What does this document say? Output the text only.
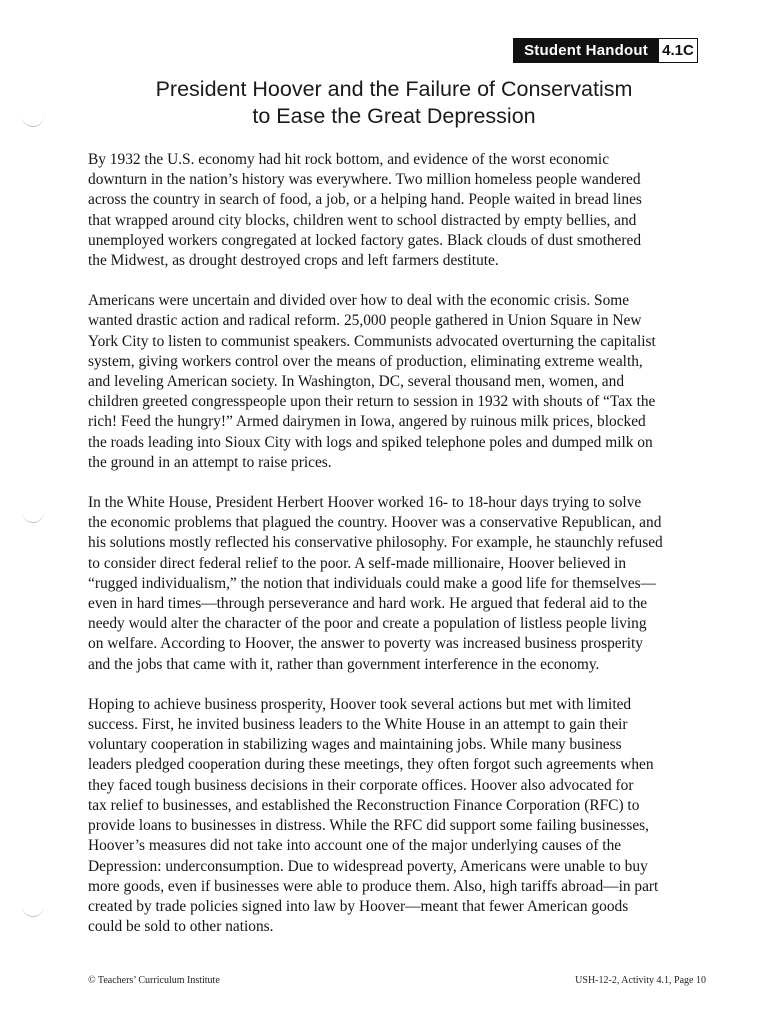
Student Handout 4.1C
President Hoover and the Failure of Conservatism
to Ease the Great Depression
By 1932 the U.S. economy had hit rock bottom, and evidence of the worst economic
downturn in the nation’s history was everywhere. Two million homeless people wandered
across the country in search of food, a job, or a helping hand. People waited in bread lines
that wrapped around city blocks, children went to school distracted by empty bellies, and
unemployed workers congregated at locked factory gates. Black clouds of dust smothered
the Midwest, as drought destroyed crops and left farmers destitute.
Americans were uncertain and divided over how to deal with the economic crisis. Some
wanted drastic action and radical reform. 25,000 people gathered in Union Square in New
York City to listen to communist speakers. Communists advocated overturning the capitalist
system, giving workers control over the means of production, eliminating extreme wealth,
and leveling American society. In Washington, DC, several thousand men, women, and
children greeted congresspeople upon their return to session in 1932 with shouts of “Tax the
rich! Feed the hungry!” Armed dairymen in Iowa, angered by ruinous milk prices, blocked
the roads leading into Sioux City with logs and spiked telephone poles and dumped milk on
the ground in an attempt to raise prices.
In the White House, President Herbert Hoover worked 16- to 18-hour days trying to solve
the economic problems that plagued the country. Hoover was a conservative Republican, and
his solutions mostly reflected his conservative philosophy. For example, he staunchly refused
to consider direct federal relief to the poor. A self-made millionaire, Hoover believed in
“rugged individualism,” the notion that individuals could make a good life for themselves—
even in hard times—through perseverance and hard work. He argued that federal aid to the
needy would alter the character of the poor and create a population of listless people living
on welfare. According to Hoover, the answer to poverty was increased business prosperity
and the jobs that came with it, rather than government interference in the economy.
Hoping to achieve business prosperity, Hoover took several actions but met with limited
success. First, he invited business leaders to the White House in an attempt to gain their
voluntary cooperation in stabilizing wages and maintaining jobs. While many business
leaders pledged cooperation during these meetings, they often forgot such agreements when
they faced tough business decisions in their corporate offices. Hoover also advocated for
tax relief to businesses, and established the Reconstruction Finance Corporation (RFC) to
provide loans to businesses in distress. While the RFC did support some failing businesses,
Hoover’s measures did not take into account one of the major underlying causes of the
Depression: underconsumption. Due to widespread poverty, Americans were unable to buy
more goods, even if businesses were able to produce them. Also, high tariffs abroad—in part
created by trade policies signed into law by Hoover—meant that fewer American goods
could be sold to other nations.
© Teachers’ Curriculum Institute	USH-12-2, Activity 4.1, Page 10
